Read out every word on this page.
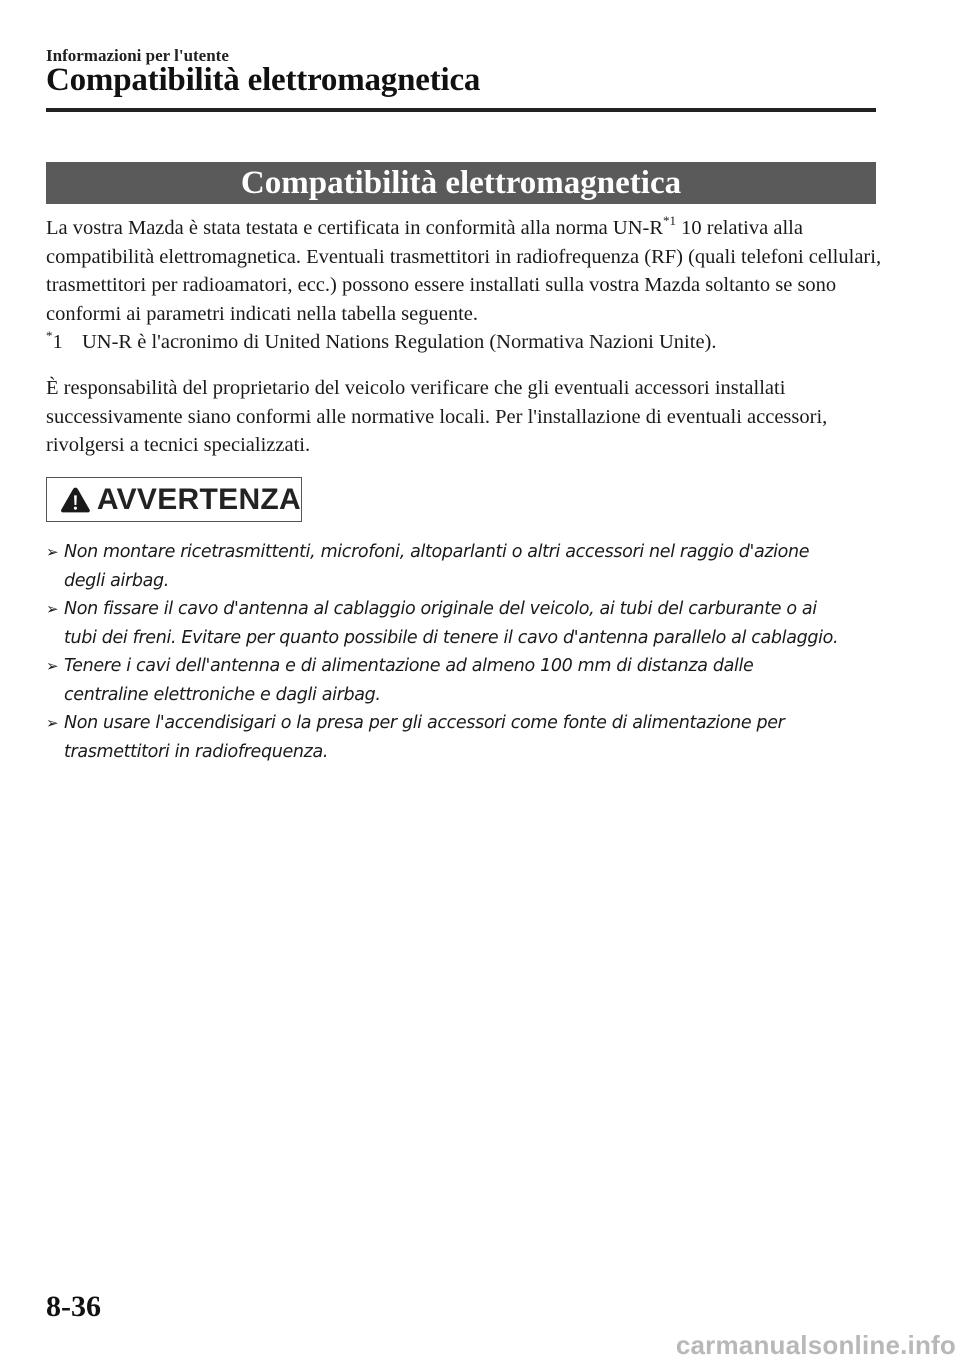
Informazioni per l'utente
Compatibilità elettromagnetica
Compatibilità elettromagnetica
La vostra Mazda è stata testata e certificata in conformità alla norma $UN-R^{*1}$ 10 relativa alla compatibilità elettromagnetica. Eventuali trasmettitori in radiofrequenza (RF) (quali telefoni cellulari, trasmettitori per radioamatori, ecc.) possono essere installati sulla vostra Mazda soltanto se sono conformi ai parametri indicati nella tabella seguente.
*1 UN-R è l'acronimo di United Nations Regulation (Normativa Nazioni Unite).
È responsabilità del proprietario del veicolo verificare che gli eventuali accessori installati successivamente siano conformi alle normative locali. Per l'installazione di eventuali accessori, rivolgersi a tecnici specializzati.
AVVERTENZA
➢ Non montare ricetrasmittenti, microfoni, altoparlanti o altri accessori nel raggio d'azione
degli airbag.
➢ Non fissare il cavo d'antenna al cablaggio originale del veicolo, ai tubi del carburante o ai
tubi dei freni. Evitare per quanto possibile di tenere il cavo d'antenna parallelo al cablaggio.
➢ Tenere i cavi dell'antenna e di alimentazione ad almeno 100 mm di distanza dalle
centraline elettroniche e dagli airbag.
➢ Non usare l'accendisigari o la presa per gli accessori come fonte di alimentazione per
trasmettitori in radiofrequenza.
8-36
carmanualsonline.info
